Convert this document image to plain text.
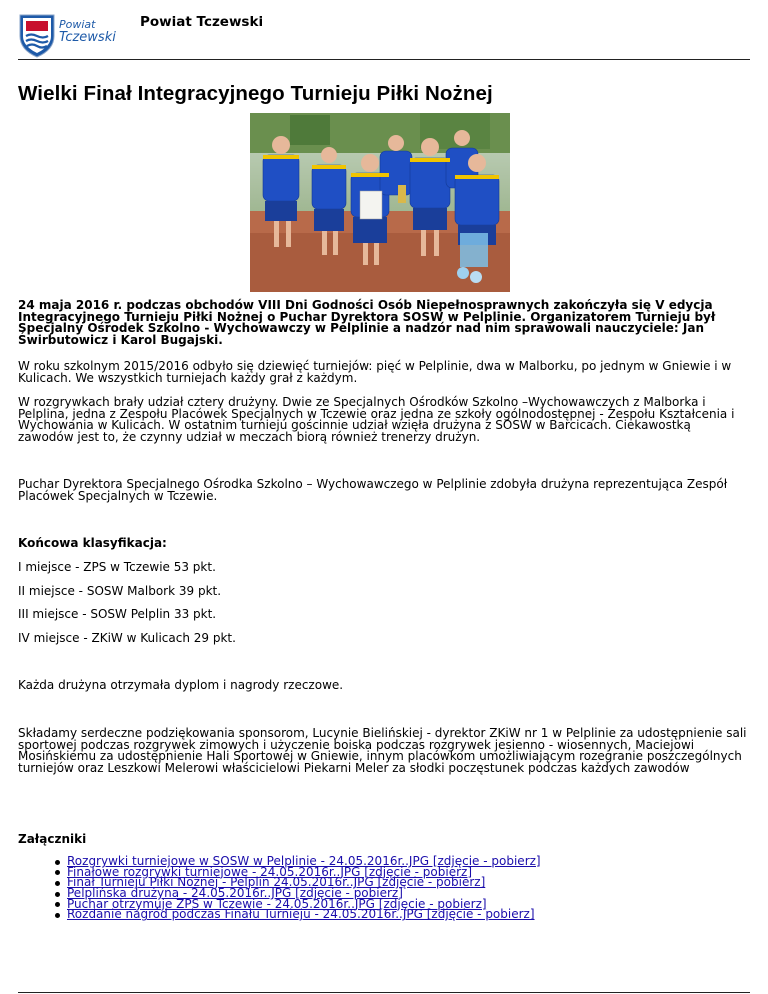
Powiat
Tczewski
Powiat Tczewski
Wielki Finał Integracyjnego Turnieju Piłki Nożnej

24 maja 2016 r. podczas obchodów VIII Dni Godności Osób Niepełnosprawnych zakończyła się V edycja Integracyjnego Turnieju Piłki Nożnej o Puchar Dyrektora SOSW w Pelplinie. Organizatorem Turnieju był Specjalny Ośrodek Szkolno - Wychowawczy w Pelplinie a nadzór nad nim sprawowali nauczyciele: Jan Świrbutowicz i Karol Bugajski.

W roku szkolnym 2015/2016 odbyło się dziewięć turniejów: pięć w Pelplinie, dwa w Malborku, po jednym w Gniewie i w Kulicach. We wszystkich turniejach każdy grał z każdym.

W rozgrywkach brały udział cztery drużyny. Dwie ze Specjalnych Ośrodków Szkolno –Wychowawczych z Malborka i Pelplina, jedna z Zespołu Placówek Specjalnych w Tczewie oraz jedna ze szkoły ogólnodostępnej - Zespołu Kształcenia i Wychowania w Kulicach. W ostatnim turnieju gościnnie udział wzięła drużyna z SOSW w Barcicach. Ciekawostką zawodów jest to, że czynny udział w meczach biorą również trenerzy drużyn.

Puchar Dyrektora Specjalnego Ośrodka Szkolno – Wychowawczego w Pelplinie zdobyła drużyna reprezentująca Zespół Placówek Specjalnych w Tczewie.

Końcowa klasyfikacja:

I miejsce - ZPS w Tczewie 53 pkt.

II miejsce - SOSW Malbork 39 pkt.

III miejsce - SOSW Pelplin 33 pkt.

IV miejsce - ZKiW w Kulicach 29 pkt.

Każda drużyna otrzymała dyplom i nagrody rzeczowe.

Składamy serdeczne podziękowania sponsorom, Lucynie Bielińskiej - dyrektor ZKiW nr 1 w Pelplinie za udostępnienie sali sportowej podczas rozgrywek zimowych i użyczenie boiska podczas rozgrywek jesienno - wiosennych, Maciejowi Mosińskiemu za udostępnienie Hali Sportowej w Gniewie, innym placówkom umożliwiającym rozegranie poszczególnych turniejów oraz Leszkowi Melerowi właścicielowi Piekarni Meler za słodki poczęstunek podczas każdych zawodów

Załączniki

Rozgrywki turniejowe w SOSW w Pelplinie - 24.05.2016r..JPG [zdjęcie - pobierz]
Finałowe rozgrywki turniejowe - 24.05.2016r..JPG [zdjęcie - pobierz]
Finał Turnieju Piłki Nożnej - Pelplin 24.05.2016r..JPG [zdjęcie - pobierz]
Pelplińska drużyna - 24.05.2016r..JPG [zdjęcie - pobierz]
Puchar otrzymuje ZPS w Tczewie - 24.05.2016r..JPG [zdjęcie - pobierz]
Rozdanie nagród podczas Finału Turnieju - 24.05.2016r..JPG [zdjęcie - pobierz]
